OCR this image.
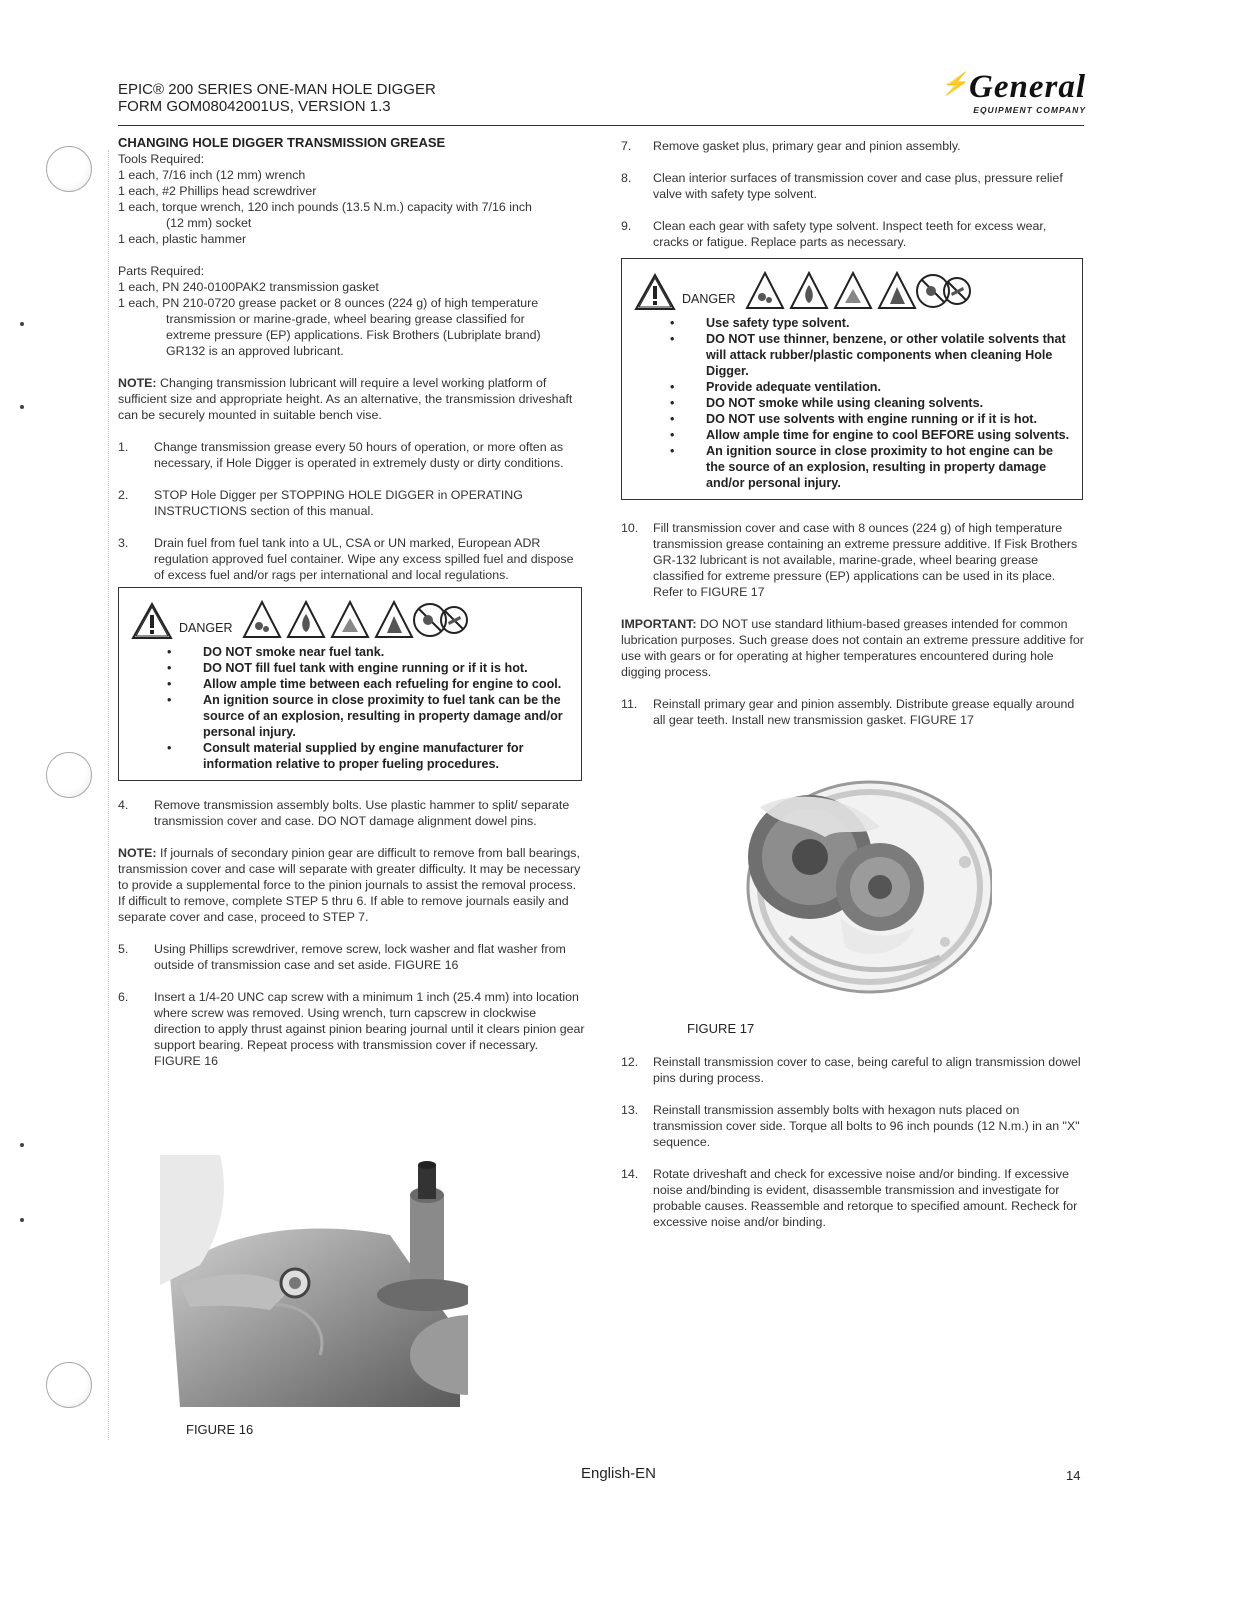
EPIC® 200 SERIES ONE-MAN HOLE DIGGER
FORM GOM08042001US, VERSION 1.3
⚡General
EQUIPMENT COMPANY

CHANGING HOLE DIGGER TRANSMISSION GREASE

Tools Required:

1 each, 7/16 inch (12 mm) wrench

1 each, #2 Phillips head screwdriver

1 each, torque wrench, 120 inch pounds (13.5 N.m.) capacity with 7/16 inch

(12 mm) socket

1 each, plastic hammer

Parts Required:

1 each, PN 240-0100PAK2 transmission gasket

1 each, PN 210-0720 grease packet or 8 ounces (224 g) of high temperature

transmission or marine-grade, wheel bearing grease classified for

extreme pressure (EP) applications. Fisk Brothers (Lubriplate brand)

GR132 is an approved lubricant.

NOTE: Changing transmission lubricant will require a level working platform of sufficient size and appropriate height. As an alternative, the transmission driveshaft can be securely mounted in suitable bench vise.

1.	Change transmission grease every 50 hours of operation, or more often as necessary, if Hole Digger is operated in extremely dusty or dirty conditions.
2.	STOP Hole Digger per STOPPING HOLE DIGGER in OPERATING INSTRUCTIONS section of this manual.
3.	Drain fuel from fuel tank into a UL, CSA or UN marked, European ADR regulation approved fuel container. Wipe any excess spilled fuel and dispose of excess fuel and/or rags per international and local regulations.
DANGER
• DO NOT smoke near fuel tank.
• DO NOT fill fuel tank with engine running or if it is hot.
• Allow ample time between each refueling for engine to cool.
• An ignition source in close proximity to fuel tank can be the source of an explosion, resulting in property damage and/or personal injury.
• Consult material supplied by engine manufacturer for information relative to proper fueling procedures.
4.	Remove transmission assembly bolts. Use plastic hammer to split/ separate transmission cover and case. DO NOT damage alignment dowel pins.

NOTE: If journals of secondary pinion gear are difficult to remove from ball bearings, transmission cover and case will separate with greater difficulty. It may be necessary to provide a supplemental force to the pinion journals to assist the removal process. If difficult to remove, complete STEP 5 thru 6. If able to remove journals easily and separate cover and case, proceed to STEP 7.

5.	Using Phillips screwdriver, remove screw, lock washer and flat washer from outside of transmission case and set aside. FIGURE 16
6.	Insert a 1/4-20 UNC cap screw with a minimum 1 inch (25.4 mm) into location where screw was removed. Using wrench, turn capscrew in clockwise direction to apply thrust against pinion bearing journal until it clears pinion gear support bearing. Repeat process with transmission cover if necessary. FIGURE 16
FIGURE 16
7.	Remove gasket plus, primary gear and pinion assembly.
8.	Clean interior surfaces of transmission cover and case plus, pressure relief valve with safety type solvent.
9.	Clean each gear with safety type solvent. Inspect teeth for excess wear, cracks or fatigue. Replace parts as necessary.
DANGER
• Use safety type solvent.
• DO NOT use thinner, benzene, or other volatile solvents that will attack rubber/plastic components when cleaning Hole Digger.
• Provide adequate ventilation.
• DO NOT smoke while using cleaning solvents.
• DO NOT use solvents with engine running or if it is hot.
• Allow ample time for engine to cool BEFORE using solvents.
• An ignition source in close proximity to hot engine can be the source of an explosion, resulting in property damage and/or personal injury.
10.	Fill transmission cover and case with 8 ounces (224 g) of high temperature transmission grease containing an extreme pressure additive. If Fisk Brothers GR-132 lubricant is not available, marine-grade, wheel bearing grease classified for extreme pressure (EP) applications can be used in its place. Refer to FIGURE 17

IMPORTANT: DO NOT use standard lithium-based greases intended for common lubrication purposes. Such grease does not contain an extreme pressure additive for use with gears or for operating at higher temperatures encountered during hole digging process.

11.	Reinstall primary gear and pinion assembly. Distribute grease equally around all gear teeth. Install new transmission gasket. FIGURE 17
FIGURE 17
12.	Reinstall transmission cover to case, being careful to align transmission dowel pins during process.
13.	Reinstall transmission assembly bolts with hexagon nuts placed on transmission cover side. Torque all bolts to 96 inch pounds (12 N.m.) in an "X" sequence.
14.	Rotate driveshaft and check for excessive noise and/or binding. If excessive noise and/binding is evident, disassemble transmission and investigate for probable causes. Reassemble and retorque to specified amount. Recheck for excessive noise and/or binding.
English-EN	14
